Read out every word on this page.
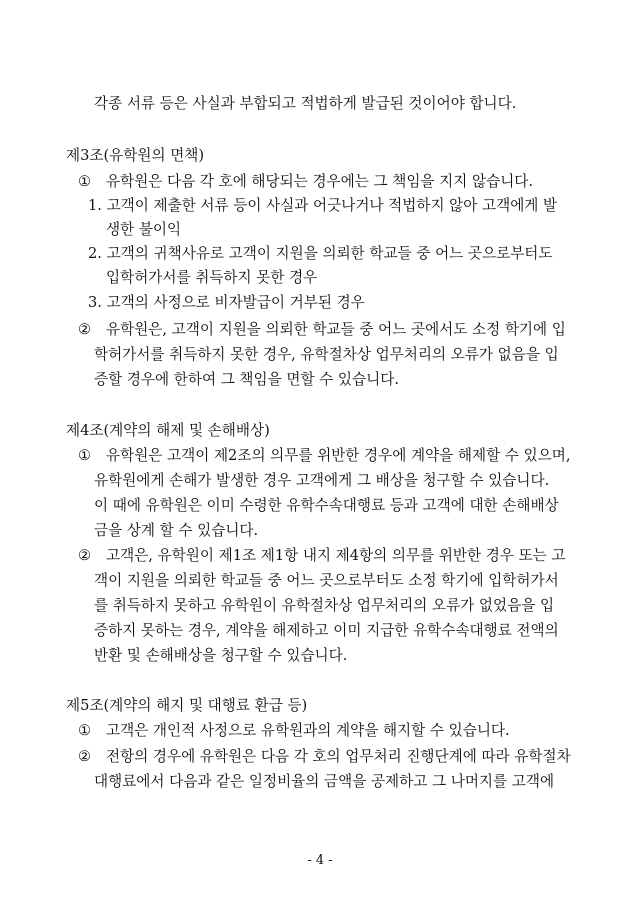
각종 서류 등은 사실과 부합되고 적법하게 발급된 것이어야 합니다.
제3조(유학원의 면책)
① 유학원은 다음 각 호에 해당되는 경우에는 그 책임을 지지 않습니다.
1. 고객이 제출한 서류 등이 사실과 어긋나거나 적법하지 않아 고객에게 발
생한 불이익
2. 고객의 귀책사유로 고객이 지원을 의뢰한 학교들 중 어느 곳으로부터도
입학허가서를 취득하지 못한 경우
3. 고객의 사정으로 비자발급이 거부된 경우
② 유학원은, 고객이 지원을 의뢰한 학교들 중 어느 곳에서도 소정 학기에 입
학허가서를 취득하지 못한 경우, 유학절차상 업무처리의 오류가 없음을 입
증할 경우에 한하여 그 책임을 면할 수 있습니다.
제4조(계약의 해제 및 손해배상)
① 유학원은 고객이 제2조의 의무를 위반한 경우에 계약을 해제할 수 있으며,
유학원에게 손해가 발생한 경우 고객에게 그 배상을 청구할 수 있습니다.
이 때에 유학원은 이미 수령한 유학수속대행료 등과 고객에 대한 손해배상
금을 상계 할 수 있습니다.
② 고객은, 유학원이 제1조 제1항 내지 제4항의 의무를 위반한 경우 또는 고
객이 지원을 의뢰한 학교들 중 어느 곳으로부터도 소정 학기에 입학허가서
를 취득하지 못하고 유학원이 유학절차상 업무처리의 오류가 없었음을 입
증하지 못하는 경우, 계약을 해제하고 이미 지급한 유학수속대행료 전액의
반환 및 손해배상을 청구할 수 있습니다.
제5조(계약의 해지 및 대행료 환급 등)
① 고객은 개인적 사정으로 유학원과의 계약을 해지할 수 있습니다.
② 전항의 경우에 유학원은 다음 각 호의 업무처리 진행단계에 따라 유학절차
대행료에서 다음과 같은 일정비율의 금액을 공제하고 그 나머지를 고객에
- 4 -
